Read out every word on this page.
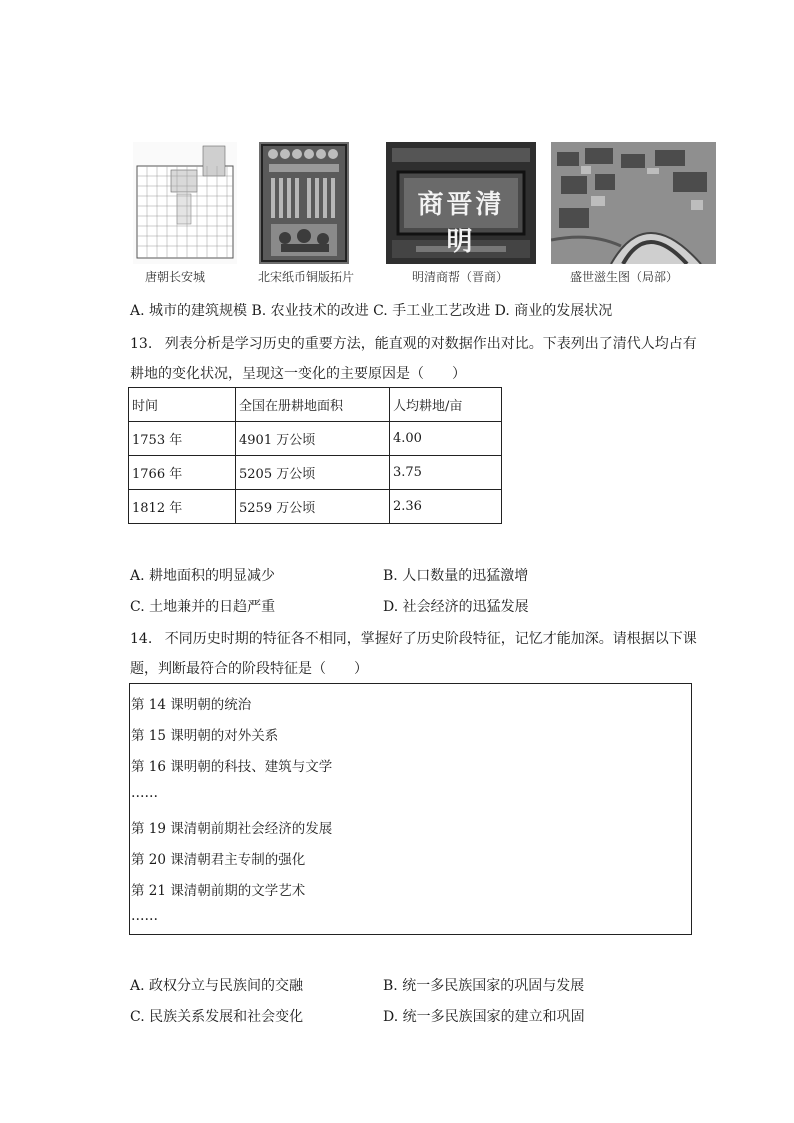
唐朝长安城	北宋纸币铜版拓片
商晋清明
明清商帮（晋商）	盛世滋生图（局部）
A. 城市的建筑规模 B. 农业技术的改进 C. 手工业工艺改进 D. 商业的发展状况
13. 列表分析是学习历史的重要方法，能直观的对数据作出对比。下表列出了清代人均占有
耕地的变化状况，呈现这一变化的主要原因是（　　）
时间	全国在册耕地面积	人均耕地/亩
1753 年	4901 万公顷	4.00
1766 年	5205 万公顷	3.75
1812 年	5259 万公顷	2.36
A. 耕地面积的明显减少	B. 人口数量的迅猛激增
C. 土地兼并的日趋严重	D. 社会经济的迅猛发展
14. 不同历史时期的特征各不相同，掌握好了历史阶段特征，记忆才能加深。请根据以下课
题，判断最符合的阶段特征是（　　）
第 14 课明朝的统治
第 15 课明朝的对外关系
第 16 课明朝的科技、建筑与文学
……
第 19 课清朝前期社会经济的发展
第 20 课清朝君主专制的强化
第 21 课清朝前期的文学艺术
……
A. 政权分立与民族间的交融	B. 统一多民族国家的巩固与发展
C. 民族关系发展和社会变化	D. 统一多民族国家的建立和巩固
